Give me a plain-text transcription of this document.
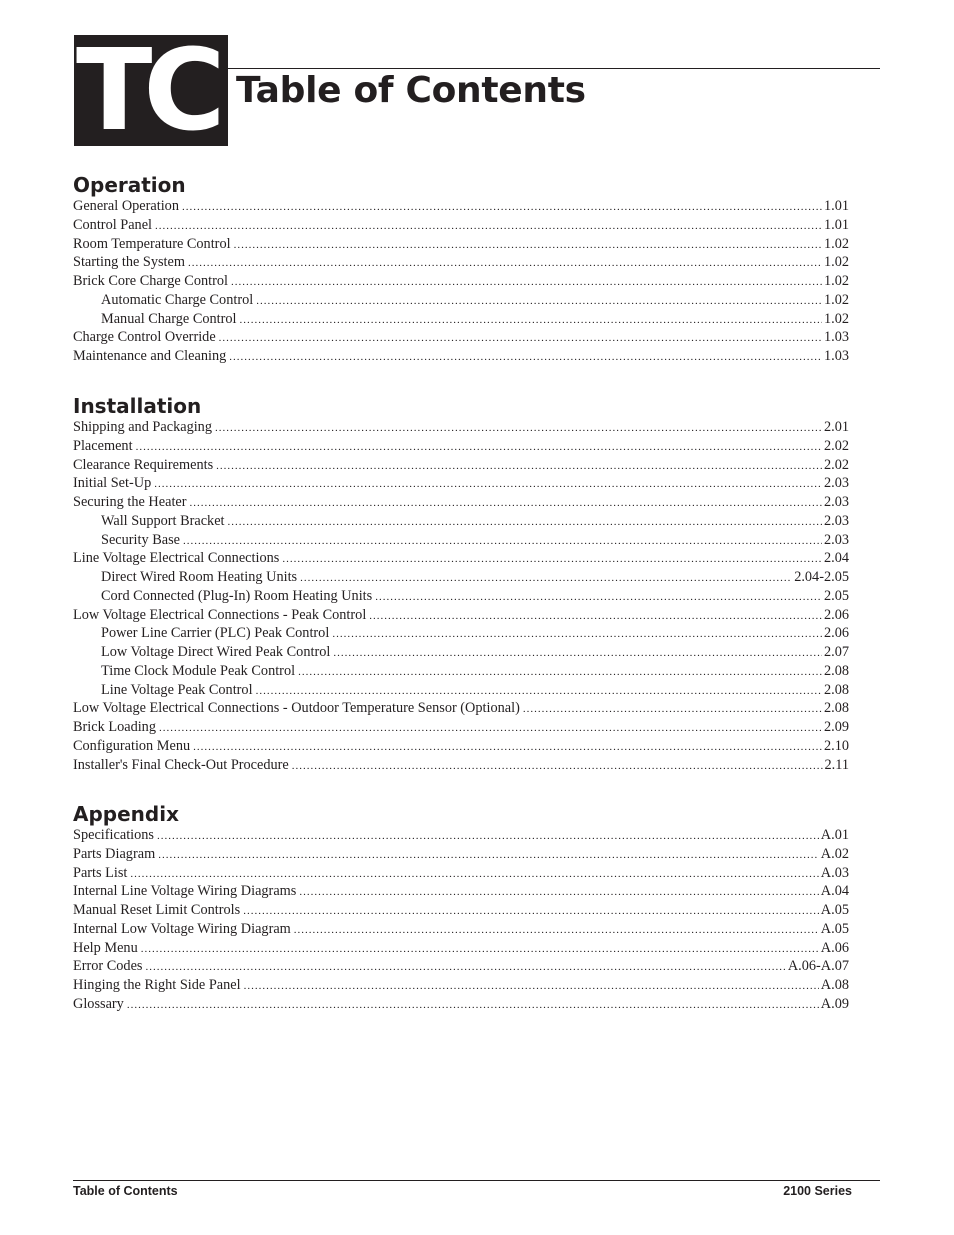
TC Table of Contents
Operation
General Operation .....	1.01
Control Panel .....	1.01
Room Temperature Control .....	1.02
Starting the System .....	1.02
Brick Core Charge Control .....	1.02
Automatic Charge Control .....	1.02
Manual Charge Control .....	1.02
Charge Control Override .....	1.03
Maintenance and Cleaning .....	1.03
Installation
Shipping and Packaging .....	2.01
Placement .....	2.02
Clearance Requirements .....	2.02
Initial Set-Up .....	2.03
Securing the Heater .....	2.03
Wall Support Bracket .....	2.03
Security Base .....	2.03
Line Voltage Electrical Connections .....	2.04
Direct Wired Room Heating Units .....	2.04-2.05
Cord Connected (Plug-In) Room Heating Units .....	2.05
Low Voltage Electrical Connections - Peak Control .....	2.06
Power Line Carrier (PLC) Peak Control .....	2.06
Low Voltage Direct Wired Peak Control .....	2.07
Time Clock Module Peak Control .....	2.08
Line Voltage Peak Control .....	2.08
Low Voltage Electrical Connections - Outdoor Temperature Sensor (Optional) .....	2.08
Brick Loading .....	2.09
Configuration Menu .....	2.10
Installer's Final Check-Out Procedure .....	2.11
Appendix
Specifications .....	A.01
Parts Diagram .....	A.02
Parts List .....	A.03
Internal Line Voltage Wiring Diagrams .....	A.04
Manual Reset Limit Controls .....	A.05
Internal Low Voltage Wiring Diagram .....	A.05
Help Menu .....	A.06
Error Codes .....	A.06-A.07
Hinging the Right Side Panel .....	A.08
Glossary .....	A.09
Table of Contents	2100 Series
